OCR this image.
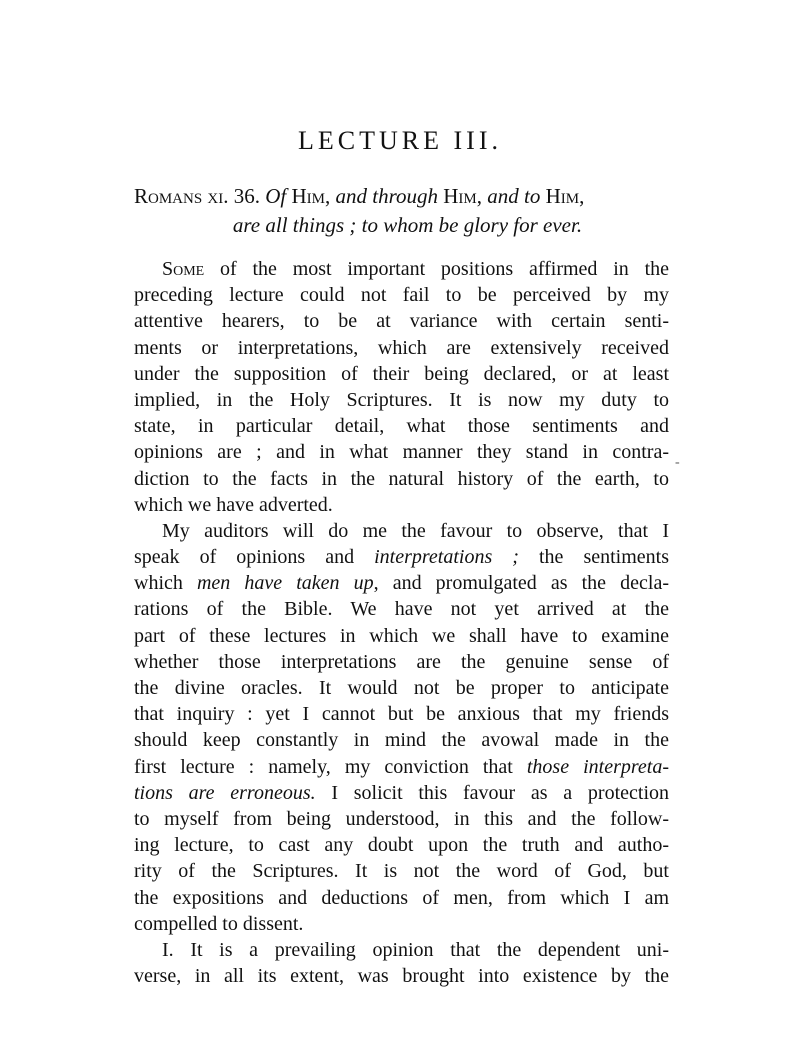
LECTURE III.
Romans xi. 36. Of Him, and through Him, and to Him,
are all things ; to whom be glory for ever.
Some of the most important positions affirmed in the
preceding lecture could not fail to be perceived by my
attentive hearers, to be at variance with certain senti-
ments or interpretations, which are extensively received
under the supposition of their being declared, or at least
implied, in the Holy Scriptures. It is now my duty to
state, in particular detail, what those sentiments and
opinions are ; and in what manner they stand in contra-
diction to the facts in the natural history of the earth, to
which we have adverted.
My auditors will do me the favour to observe, that I
speak of opinions and interpretations ; the sentiments
which men have taken up, and promulgated as the decla-
rations of the Bible. We have not yet arrived at the
part of these lectures in which we shall have to examine
whether those interpretations are the genuine sense of
the divine oracles. It would not be proper to anticipate
that inquiry : yet I cannot but be anxious that my friends
should keep constantly in mind the avowal made in the
first lecture : namely, my conviction that those interpreta-
tions are erroneous. I solicit this favour as a protection
to myself from being understood, in this and the follow-
ing lecture, to cast any doubt upon the truth and autho-
rity of the Scriptures. It is not the word of God, but
the expositions and deductions of men, from which I am
compelled to dissent.
I. It is a prevailing opinion that the dependent uni-
verse, in all its extent, was brought into existence by the
-
